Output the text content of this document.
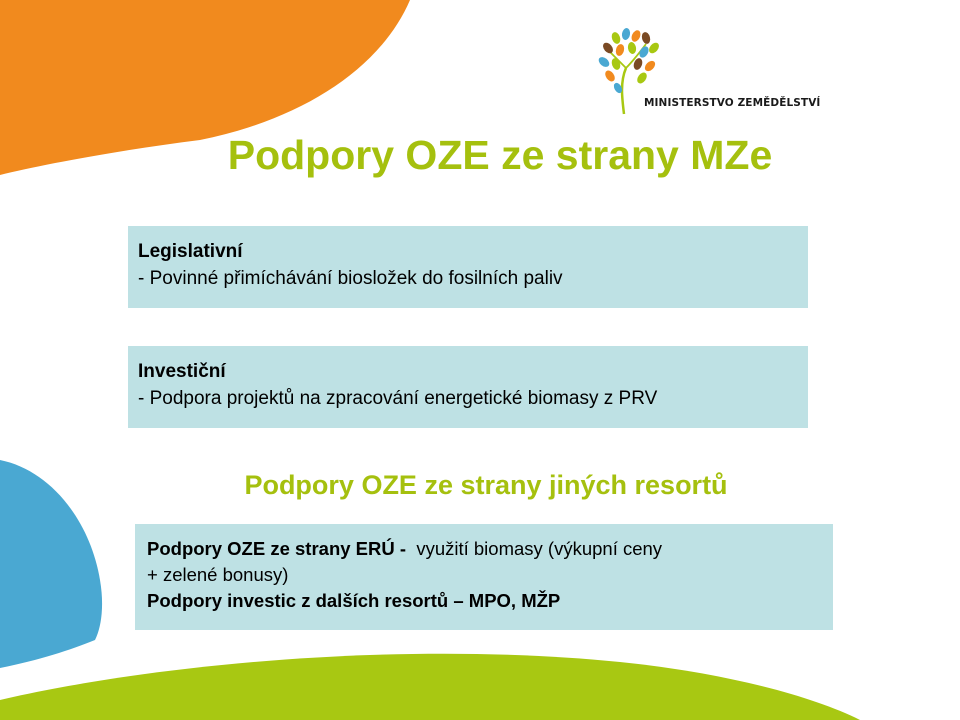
MINISTERSTVO ZEMĚDĚLSTVÍ
Podpory OZE ze strany MZe
Legislativní
- Povinné přimíchávání biosložek do fosilních paliv
Investiční
- Podpora projektů na zpracování energetické biomasy z PRV
Podpory OZE ze strany jiných resortů
Podpory OZE ze strany ERÚ - využití biomasy (výkupní ceny
+ zelené bonusy)
Podpory investic z dalších resortů – MPO, MŽP
